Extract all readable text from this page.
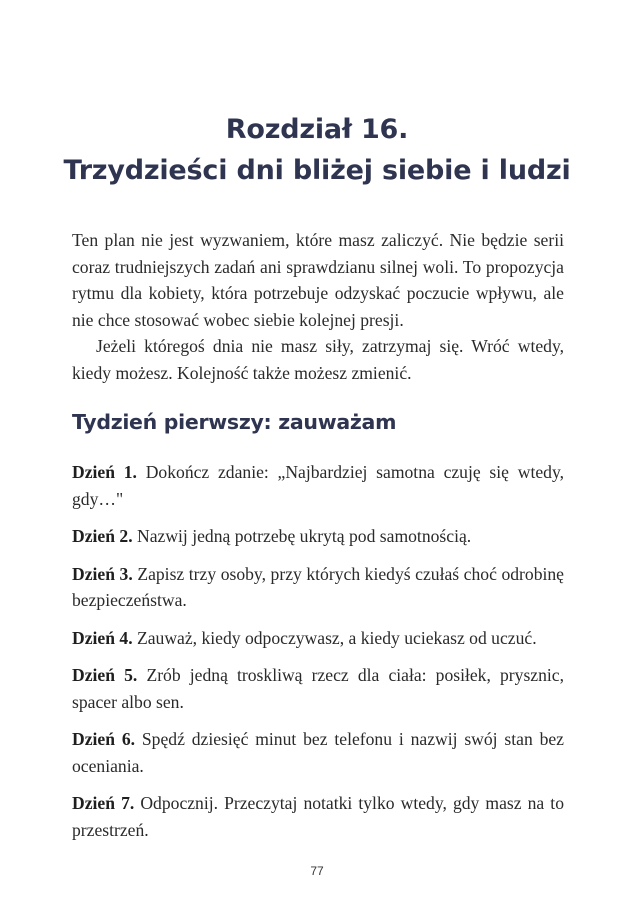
Rozdział 16.
Trzydzieści dni bliżej siebie i ludzi

Ten plan nie jest wyzwaniem, które masz zaliczyć. Nie będzie serii coraz trudniejszych zadań ani sprawdzianu silnej woli. To propozycja rytmu dla kobiety, która potrzebuje odzyskać poczucie wpływu, ale nie chce stosować wobec siebie kolejnej presji.

Jeżeli któregoś dnia nie masz siły, zatrzymaj się. Wróć wtedy, kiedy możesz. Kolejność także możesz zmienić.

Tydzień pierwszy: zauważam

Dzień 1. Dokończ zdanie: „Najbardziej samotna czuję się wtedy, gdy…"

Dzień 2. Nazwij jedną potrzebę ukrytą pod samotnością.

Dzień 3. Zapisz trzy osoby, przy których kiedyś czułaś choć odrobinę bezpieczeństwa.

Dzień 4. Zauważ, kiedy odpoczywasz, a kiedy uciekasz od uczuć.

Dzień 5. Zrób jedną troskliwą rzecz dla ciała: posiłek, prysznic, spacer albo sen.

Dzień 6. Spędź dziesięć minut bez telefonu i nazwij swój stan bez oceniania.

Dzień 7. Odpocznij. Przeczytaj notatki tylko wtedy, gdy masz na to przestrzeń.

77
